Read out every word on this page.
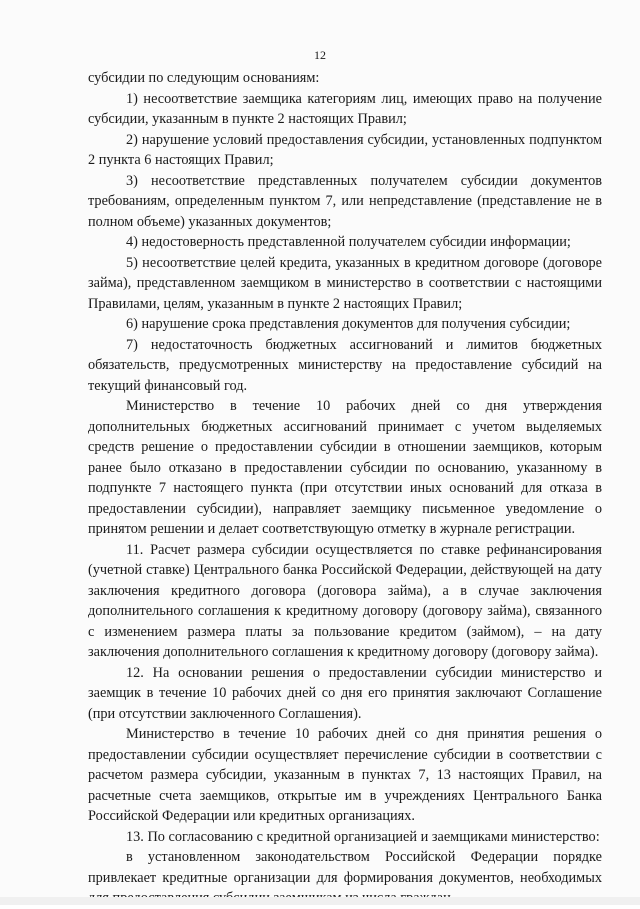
12

субсидии по следующим основаниям:

1) несоответствие заемщика категориям лиц, имеющих право на получение субсидии, указанным в пункте 2 настоящих Правил;

2) нарушение условий предоставления субсидии, установленных подпунктом 2 пункта 6 настоящих Правил;

3) несоответствие представленных получателем субсидии документов требованиям, определенным пунктом 7, или непредставление (представление не в полном объеме) указанных документов;

4) недостоверность представленной получателем субсидии информации;

5) несоответствие целей кредита, указанных в кредитном договоре (договоре займа), представленном заемщиком в министерство в соответствии с настоящими Правилами, целям, указанным в пункте 2 настоящих Правил;

6) нарушение срока представления документов для получения субсидии;

7) недостаточность бюджетных ассигнований и лимитов бюджетных обязательств, предусмотренных министерству на предоставление субсидий на текущий финансовый год.

Министерство в течение 10 рабочих дней со дня утверждения дополнительных бюджетных ассигнований принимает с учетом выделяемых средств решение о предоставлении субсидии в отношении заемщиков, которым ранее было отказано в предоставлении субсидии по основанию, указанному в подпункте 7 настоящего пункта (при отсутствии иных оснований для отказа в предоставлении субсидии), направляет заемщику письменное уведомление о принятом решении и делает соответствующую отметку в журнале регистрации.

11. Расчет размера субсидии осуществляется по ставке рефинансирования (учетной ставке) Центрального банка Российской Федерации, действующей на дату заключения кредитного договора (договора займа), а в случае заключения дополнительного соглашения к кредитному договору (договору займа), связанного с изменением размера платы за пользование кредитом (займом), – на дату заключения дополнительного соглашения к кредитному договору (договору займа).

12. На основании решения о предоставлении субсидии министерство и заемщик в течение 10 рабочих дней со дня его принятия заключают Соглашение (при отсутствии заключенного Соглашения).

Министерство в течение 10 рабочих дней со дня принятия решения о предоставлении субсидии осуществляет перечисление субсидии в соответствии с расчетом размера субсидии, указанным в пунктах 7, 13 настоящих Правил, на расчетные счета заемщиков, открытые им в учреждениях Центрального Банка Российской Федерации или кредитных организациях.

13. По согласованию с кредитной организацией и заемщиками министерство:

в установленном законодательством Российской Федерации порядке привлекает кредитные организации для формирования документов, необходимых
